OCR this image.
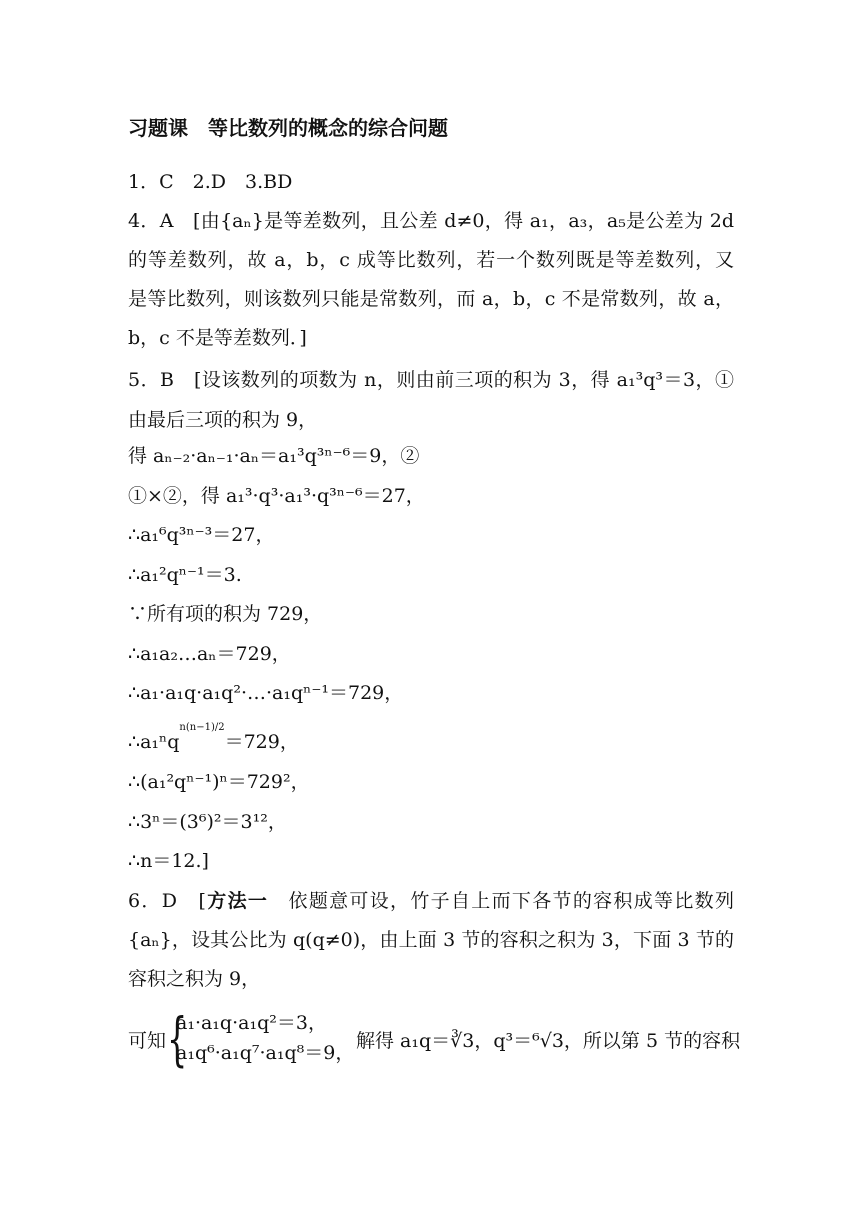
习题课　等比数列的概念的综合问题
1．C　2.D　3.BD
4．A　[由{aₙ}是等差数列，且公差 d≠0，得 a₁，a₃，a₅是公差为 2d
的等差数列，故 a，b，c 成等比数列，若一个数列既是等差数列，又
是等比数列，则该数列只能是常数列，而 a，b，c 不是常数列，故 a，
b，c 不是等差数列．]
5．B　[设该数列的项数为 n，则由前三项的积为 3，得 a₁³q³＝3，①
由最后三项的积为 9，
得 aₙ₋₂·aₙ₋₁·aₙ＝a₁³q³ⁿ⁻⁶＝9，②
①×②，得 a₁³·q³·a₁³·q³ⁿ⁻⁶＝27，
∴a₁⁶q³ⁿ⁻³＝27，
∴a₁²qⁿ⁻¹＝3.
∵所有项的积为 729，
∴a₁a₂…aₙ＝729，
∴a₁·a₁q·a₁q²·…·a₁qⁿ⁻¹＝729，
∴a₁ⁿq$^{n(n-1)/2}$＝729，
∴(a₁²qⁿ⁻¹)ⁿ＝729²，
∴3ⁿ＝(3⁶)²＝3¹²，
∴n＝12.]
6．D　[方法一　依题意可设，竹子自上而下各节的容积成等比数列
{aₙ}，设其公比为 q(q≠0)，由上面 3 节的容积之积为 3，下面 3 节的
容积之积为 9，
可知 {
a₁·a₁q·a₁q²＝3，
a₁q⁶·a₁q⁷·a₁q⁸＝9，
解得 a₁q＝∛3，q³＝⁶√3，所以第 5 节的容积
